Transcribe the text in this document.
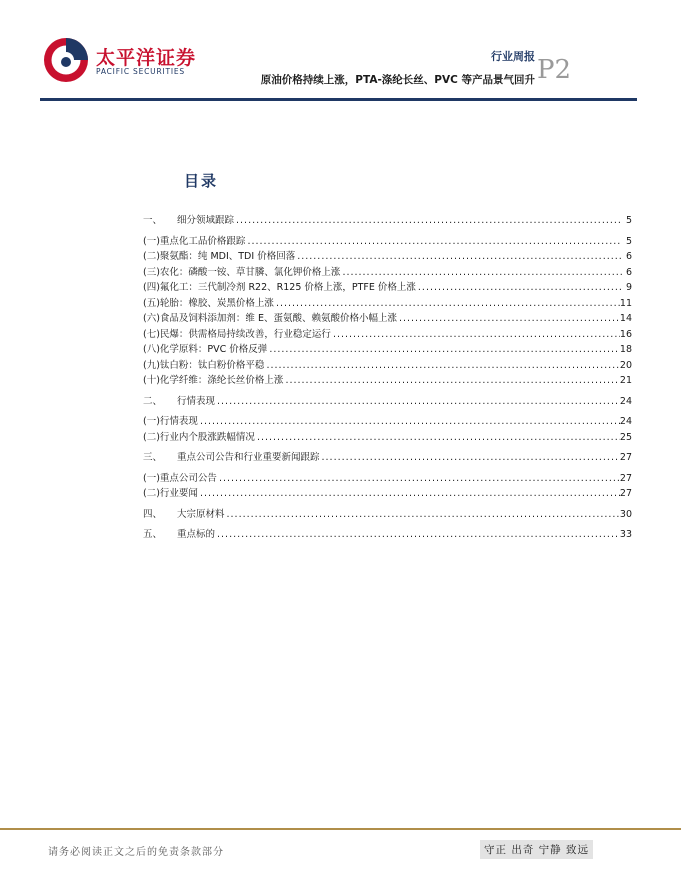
太平洋证券
PACIFIC SECURITIES
行业周报
原油价格持续上涨，PTA-涤纶长丝、PVC 等产品景气回升 P2
目录
一、	细分领域跟踪 .....	5
(一) 重点化工品价格跟踪 .....	5
(二) 聚氨酯：纯 MDI、TDI 价格回落 .....	6
(三) 农化：磷酸一铵、草甘膦、氯化钾价格上涨 .....	6
(四) 氟化工：三代制冷剂 R22、R125 价格上涨，PTFE 价格上涨 .....	9
(五) 轮胎：橡胶、炭黑价格上涨 .....	11
(六) 食品及饲料添加剂：维 E、蛋氨酸、赖氨酸价格小幅上涨 .....	14
(七) 民爆：供需格局持续改善，行业稳定运行 .....	16
(八) 化学原料：PVC 价格反弹 .....	18
(九) 钛白粉：钛白粉价格平稳 .....	20
(十) 化学纤维：涤纶长丝价格上涨 .....	21
二、	行情表现 .....	24
(一) 行情表现 .....	24
(二) 行业内个股涨跌幅情况 .....	25
三、	重点公司公告和行业重要新闻跟踪 .....	27
(一) 重点公司公告 .....	27
(二) 行业要闻 .....	27
四、	大宗原材料 .....	30
五、	重点标的 .....	33
请务必阅读正文之后的免责条款部分	守正 出奇 宁静 致远
